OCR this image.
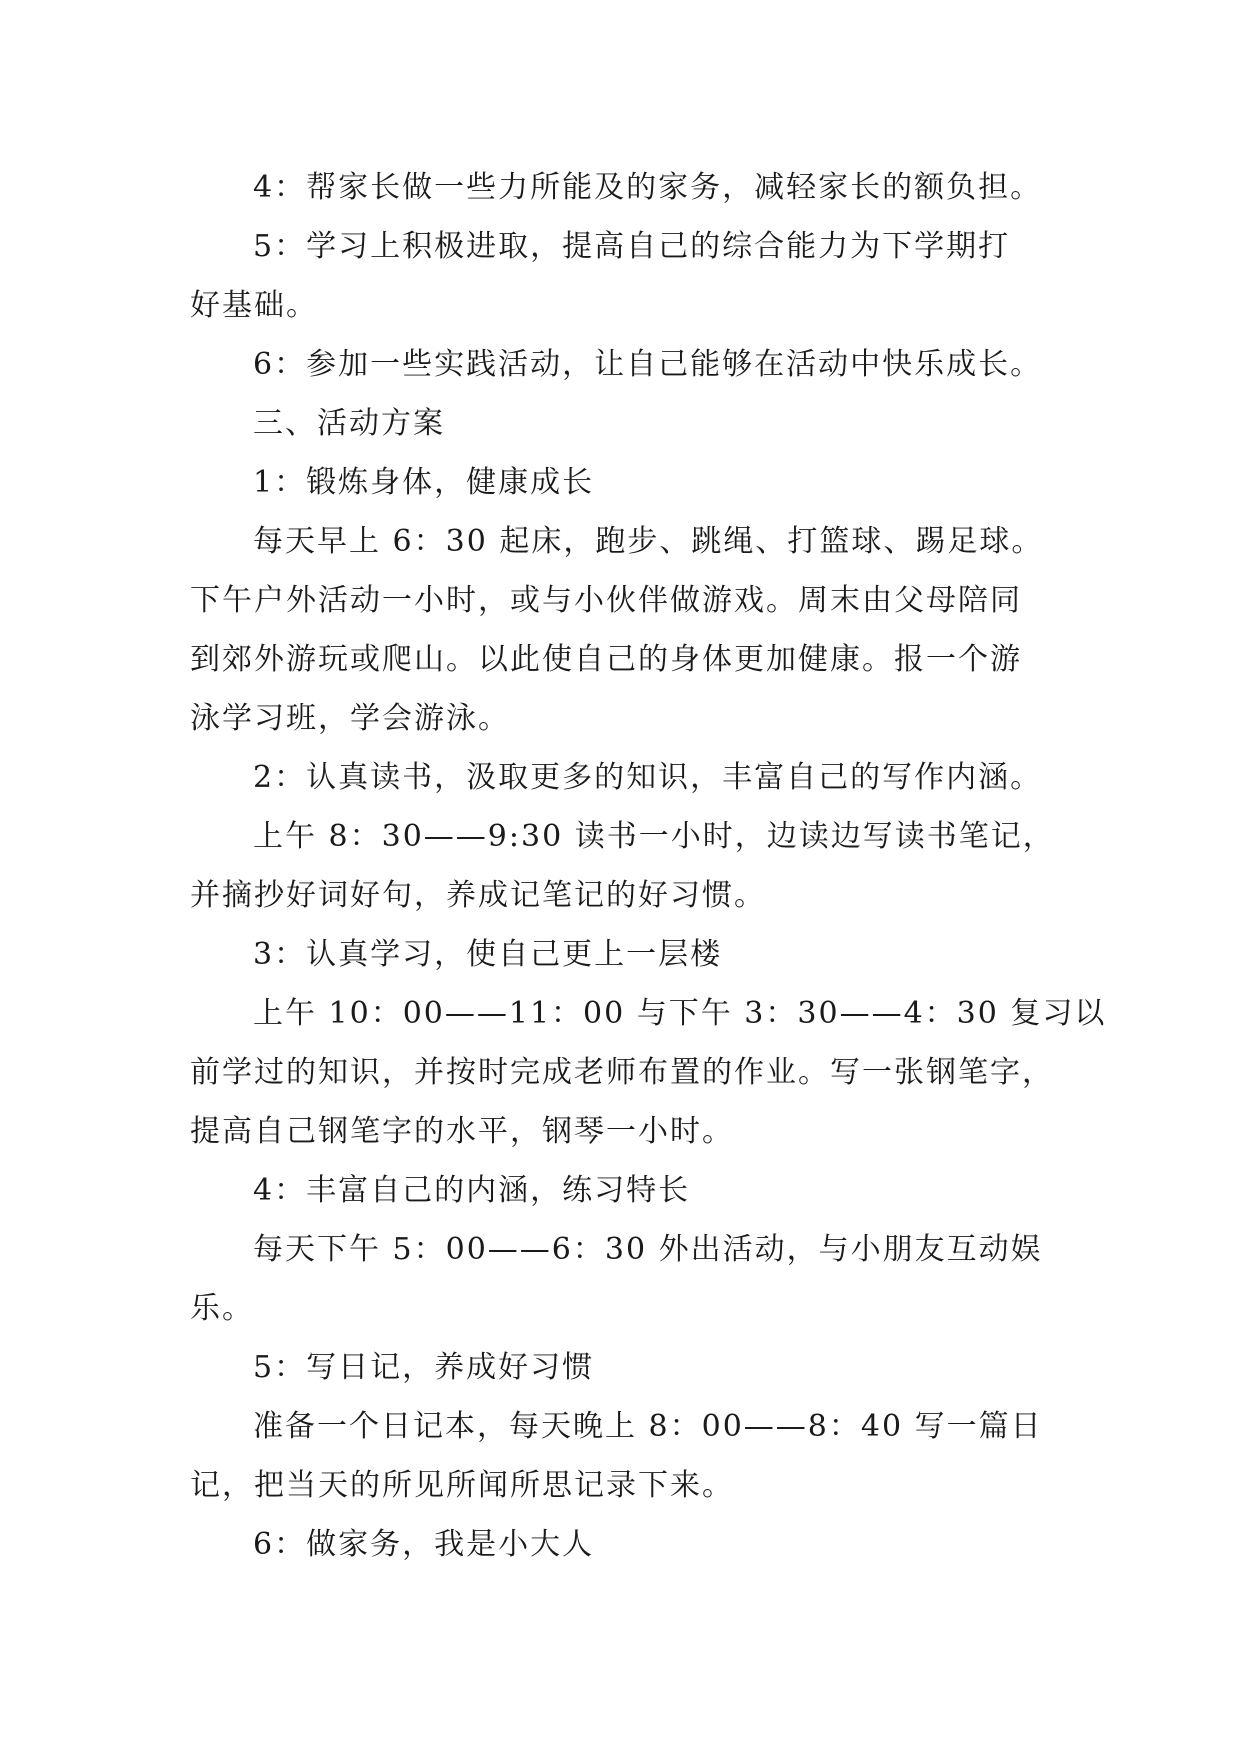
4：帮家长做一些力所能及的家务，减轻家长的额负担。
5：学习上积极进取，提高自己的综合能力为下学期打
好基础。
6：参加一些实践活动，让自己能够在活动中快乐成长。
三、活动方案
1：锻炼身体，健康成长
每天早上 6：30 起床，跑步、跳绳、打篮球、踢足球。
下午户外活动一小时，或与小伙伴做游戏。周末由父母陪同
到郊外游玩或爬山。以此使自己的身体更加健康。报一个游
泳学习班，学会游泳。
2：认真读书，汲取更多的知识，丰富自己的写作内涵。
上午 8：30——9:30 读书一小时，边读边写读书笔记，
并摘抄好词好句，养成记笔记的好习惯。
3：认真学习，使自己更上一层楼
上午 10：00——11：00 与下午 3：30——4：30 复习以
前学过的知识，并按时完成老师布置的作业。写一张钢笔字，
提高自己钢笔字的水平，钢琴一小时。
4：丰富自己的内涵，练习特长
每天下午 5：00——6：30 外出活动，与小朋友互动娱
乐。
5：写日记，养成好习惯
准备一个日记本，每天晚上 8：00——8：40 写一篇日
记，把当天的所见所闻所思记录下来。
6：做家务，我是小大人
